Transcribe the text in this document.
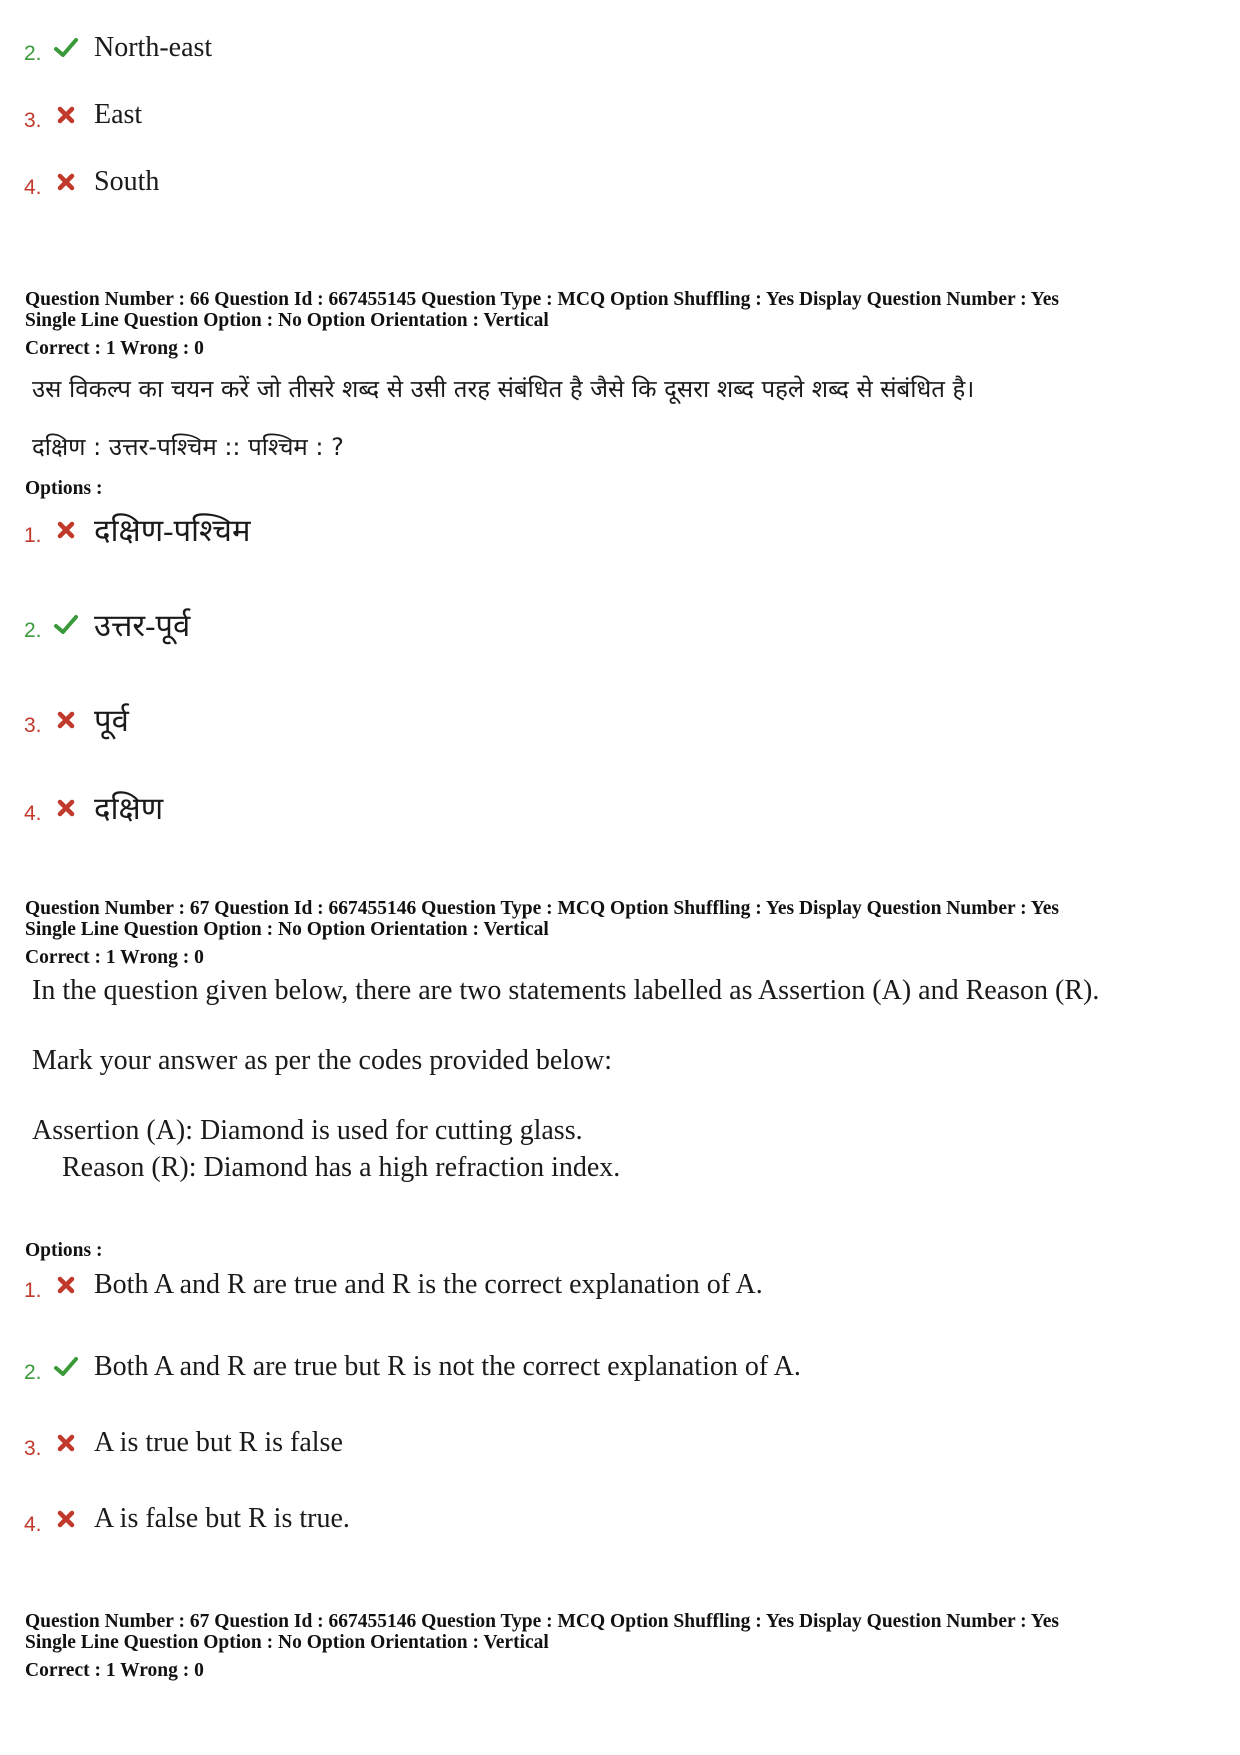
2.	North-east
3.	East
4.	South
Question Number : 66 Question Id : 667455145 Question Type : MCQ Option Shuffling : Yes Display Question Number : Yes
Single Line Question Option : No Option Orientation : Vertical
Correct : 1 Wrong : 0
उस विकल्प का चयन करें जो तीसरे शब्द से उसी तरह संबंधित है जैसे कि दूसरा शब्द पहले शब्द से संबंधित है।
दक्षिण : उत्तर-पश्चिम :: पश्चिम : ?
Options :
1.	दक्षिण-पश्चिम
2.	उत्तर-पूर्व
3.	पूर्व
4.	दक्षिण
Question Number : 67 Question Id : 667455146 Question Type : MCQ Option Shuffling : Yes Display Question Number : Yes
Single Line Question Option : No Option Orientation : Vertical
Correct : 1 Wrong : 0
In the question given below, there are two statements labelled as Assertion (A) and Reason (R).
Mark your answer as per the codes provided below:
Assertion (A): Diamond is used for cutting glass.
Reason (R): Diamond has a high refraction index.
Options :
1.	Both A and R are true and R is the correct explanation of A.
2.	Both A and R are true but R is not the correct explanation of A.
3.	A is true but R is false
4.	A is false but R is true.
Question Number : 67 Question Id : 667455146 Question Type : MCQ Option Shuffling : Yes Display Question Number : Yes
Single Line Question Option : No Option Orientation : Vertical
Correct : 1 Wrong : 0
